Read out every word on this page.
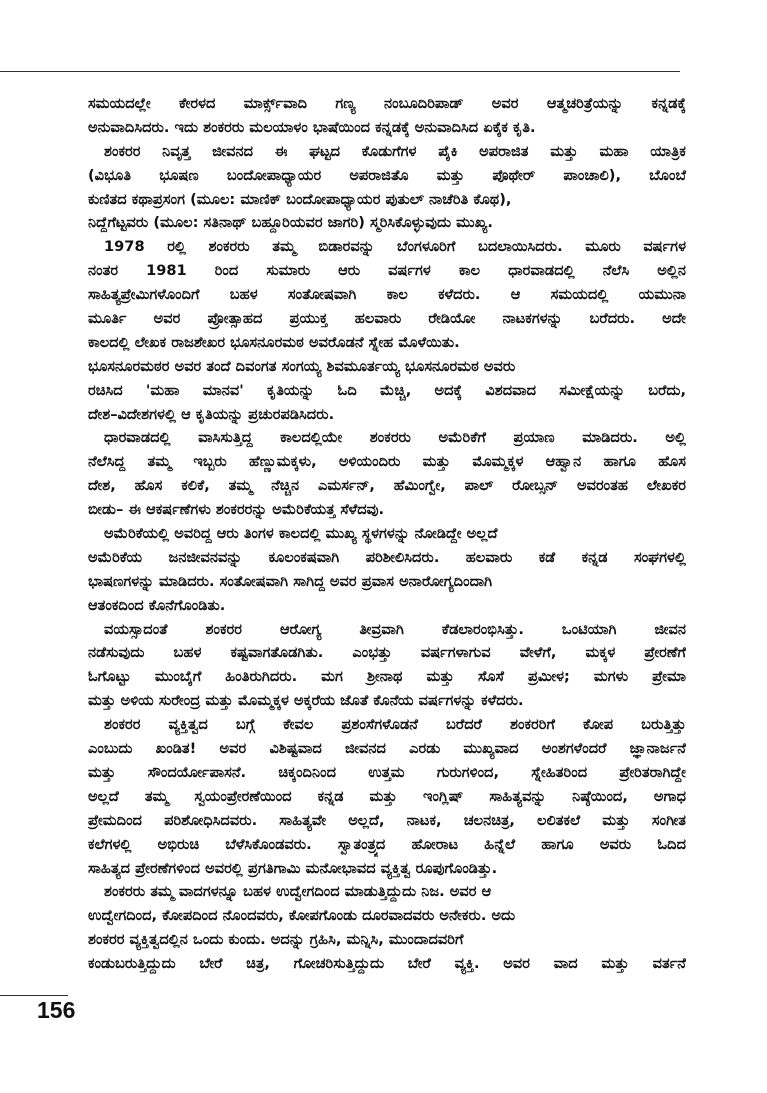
ಸಮಯದಲ್ಲೇ ಕೇರಳದ ಮಾರ್ಕ್ಸ್‌ವಾದಿ ಗಣ್ಯ ನಂಬೂದಿರಿಪಾಡ್ ಅವರ ಆತ್ಮಚರಿತ್ರೆಯನ್ನು ಕನ್ನಡಕ್ಕೆ
ಅನುವಾದಿಸಿದರು. ಇದು ಶಂಕರರು ಮಲಯಾಳಂ ಭಾಷೆಯಿಂದ ಕನ್ನಡಕ್ಕೆ ಅನುವಾದಿಸಿದ ಏಕೈಕ ಕೃತಿ.
ಶಂಕರರ ನಿವೃತ್ತ ಜೀವನದ ಈ ಘಟ್ಟದ ಕೊಡುಗೆಗಳ ಪೈಕಿ ಅಪರಾಜಿತ ಮತ್ತು ಮಹಾ ಯಾತ್ರಿಕ
(ವಿಭೂತಿ ಭೂಷಣ ಬಂದೋಪಾಧ್ಯಾಯರ ಅಪರಾಜಿತೊ ಮತ್ತು ಪೊಥೇರ್ ಪಾಂಚಾಲಿ), ಬೊಂಬೆ
ಕುಣಿತದ ಕಥಾಪ್ರಸಂಗ (ಮೂಲ: ಮಾಣಿಕ್ ಬಂದೋಪಾಧ್ಯಾಯರ ಪುತುಲ್ ನಾಚೆರಿತಿ ಕೊಥ),
ನಿದ್ದೆಗೆಟ್ಟವರು (ಮೂಲ: ಸತಿನಾಥ್ ಬಹ್ದೂರಿಯವರ ಜಾಗರಿ) ಸ್ಮರಿಸಿಕೊಳ್ಳುವುದು ಮುಖ್ಯ.
1978 ರಲ್ಲಿ ಶಂಕರರು ತಮ್ಮ ಬಿಡಾರವನ್ನು ಬೆಂಗಳೂರಿಗೆ ಬದಲಾಯಿಸಿದರು. ಮೂರು ವರ್ಷಗಳ
ನಂತರ 1981 ರಿಂದ ಸುಮಾರು ಆರು ವರ್ಷಗಳ ಕಾಲ ಧಾರವಾಡದಲ್ಲಿ ನೆಲೆಸಿ ಅಲ್ಲಿನ
ಸಾಹಿತ್ಯಪ್ರೇಮಿಗಳೊಂದಿಗೆ ಬಹಳ ಸಂತೋಷವಾಗಿ ಕಾಲ ಕಳೆದರು. ಆ ಸಮಯದಲ್ಲಿ ಯಮುನಾ
ಮೂರ್ತಿ ಅವರ ಪ್ರೋತ್ಸಾಹದ ಪ್ರಯುಕ್ತ ಹಲವಾರು ರೇಡಿಯೋ ನಾಟಕಗಳನ್ನು ಬರೆದರು. ಅದೇ
ಕಾಲದಲ್ಲಿ ಲೇಖಕ ರಾಜಶೇಖರ ಭೂಸನೂರಮಠ ಅವರೊಡನೆ ಸ್ನೇಹ ಮೊಳೆಯಿತು.
ಭೂಸನೂರಮಠರ ಅವರ ತಂದೆ ದಿವಂಗತ ಸಂಗಯ್ಯ ಶಿವಮೂರ್ತಯ್ಯ ಭೂಸನೂರಮಠ ಅವರು
ರಚಿಸಿದ 'ಮಹಾ ಮಾನವ' ಕೃತಿಯನ್ನು ಓದಿ ಮೆಚ್ಚಿ, ಅದಕ್ಕೆ ವಿಶದವಾದ ಸಮೀಕ್ಷೆಯನ್ನು ಬರೆದು,
ದೇಶ–ವಿದೇಶಗಳಲ್ಲಿ ಆ ಕೃತಿಯನ್ನು ಪ್ರಚುರಪಡಿಸಿದರು.
ಧಾರವಾಡದಲ್ಲಿ ವಾಸಿಸುತ್ತಿದ್ದ ಕಾಲದಲ್ಲಿಯೇ ಶಂಕರರು ಅಮೆರಿಕೆಗೆ ಪ್ರಯಾಣ ಮಾಡಿದರು. ಅಲ್ಲಿ
ನೆಲೆಸಿದ್ದ ತಮ್ಮ ಇಬ್ಬರು ಹೆಣ್ಣುಮಕ್ಕಳು, ಅಳಿಯಂದಿರು ಮತ್ತು ಮೊಮ್ಮಕ್ಕಳ ಆಹ್ವಾನ ಹಾಗೂ ಹೊಸ
ದೇಶ, ಹೊಸ ಕಲಿಕೆ, ತಮ್ಮ ನೆಚ್ಚಿನ ಎಮರ್ಸನ್, ಹೆಮಿಂಗ್ವೇ, ಪಾಲ್ ರೋಬ್ಸನ್ ಅವರಂತಹ ಲೇಖಕರ
ಬೀಡು– ಈ ಆಕರ್ಷಣೆಗಳು ಶಂಕರರನ್ನು ಅಮೆರಿಕೆಯತ್ತ ಸೆಳೆದವು.
ಅಮೆರಿಕೆಯಲ್ಲಿ ಅವರಿದ್ದ ಆರು ತಿಂಗಳ ಕಾಲದಲ್ಲಿ ಮುಖ್ಯ ಸ್ಥಳಗಳನ್ನು ನೋಡಿದ್ದೇ ಅಲ್ಲದೆ
ಅಮೆರಿಕೆಯ ಜನಜೀವನವನ್ನು ಕೂಲಂಕಷವಾಗಿ ಪರಿಶೀಲಿಸಿದರು. ಹಲವಾರು ಕಡೆ ಕನ್ನಡ ಸಂಘಗಳಲ್ಲಿ
ಭಾಷಣಗಳನ್ನು ಮಾಡಿದರು. ಸಂತೋಷವಾಗಿ ಸಾಗಿದ್ದ ಅವರ ಪ್ರವಾಸ ಅನಾರೋಗ್ಯದಿಂದಾಗಿ
ಆತಂಕದಿಂದ ಕೊನೆಗೊಂಡಿತು.
ವಯಸ್ಸಾದಂತೆ ಶಂಕರರ ಆರೋಗ್ಯ ತೀವ್ರವಾಗಿ ಕೆಡಲಾರಂಭಿಸಿತ್ತು. ಒಂಟಿಯಾಗಿ ಜೀವನ
ನಡೆಸುವುದು ಬಹಳ ಕಷ್ಟವಾಗತೊಡಗಿತು. ಎಂಭತ್ತು ವರ್ಷಗಳಾಗುವ ವೇಳೆಗೆ, ಮಕ್ಕಳ ಪ್ರೇರಣೆಗೆ
ಓಗೊಟ್ಟು ಮುಂಬೈಗೆ ಹಿಂತಿರುಗಿದರು. ಮಗ ಶ್ರೀನಾಥ ಮತ್ತು ಸೊಸೆ ಪ್ರಮೀಳ; ಮಗಳು ಪ್ರೇಮಾ
ಮತ್ತು ಅಳಿಯ ಸುರೇಂದ್ರ ಮತ್ತು ಮೊಮ್ಮಕ್ಕಳ ಅಕ್ಕರೆಯ ಜೊತೆ ಕೊನೆಯ ವರ್ಷಗಳನ್ನು ಕಳೆದರು.
ಶಂಕರರ ವ್ಯಕ್ತಿತ್ವದ ಬಗ್ಗೆ ಕೇವಲ ಪ್ರಶಂಸೆಗಳೊಡನೆ ಬರೆದರೆ ಶಂಕರರಿಗೆ ಕೋಪ ಬರುತ್ತಿತ್ತು
ಎಂಬುದು ಖಂಡಿತ! ಅವರ ವಿಶಿಷ್ಟವಾದ ಜೀವನದ ಎರಡು ಮುಖ್ಯವಾದ ಅಂಶಗಳೆಂದರೆ ಜ್ಞಾನಾರ್ಜನೆ
ಮತ್ತು ಸೌಂದರ್ಯೋಪಾಸನೆ. ಚಿಕ್ಕಂದಿನಿಂದ ಉತ್ತಮ ಗುರುಗಳಿಂದ, ಸ್ನೇಹಿತರಿಂದ ಪ್ರೇರಿತರಾಗಿದ್ದೇ
ಅಲ್ಲದೆ ತಮ್ಮ ಸ್ವಯಂಪ್ರೇರಣೆಯಿಂದ ಕನ್ನಡ ಮತ್ತು ಇಂಗ್ಲಿಷ್ ಸಾಹಿತ್ಯವನ್ನು ನಿಷ್ಠೆಯಿಂದ, ಅಗಾಧ
ಪ್ರೇಮದಿಂದ ಪರಿಶೋಧಿಸಿದವರು. ಸಾಹಿತ್ಯವೇ ಅಲ್ಲದೆ, ನಾಟಕ, ಚಲನಚಿತ್ರ, ಲಲಿತಕಲೆ ಮತ್ತು ಸಂಗೀತ
ಕಲೆಗಳಲ್ಲಿ ಅಭಿರುಚಿ ಬೆಳೆಸಿಕೊಂಡವರು. ಸ್ವಾತಂತ್ರ್ಯದ ಹೋರಾಟ ಹಿನ್ನೆಲೆ ಹಾಗೂ ಅವರು ಓದಿದ
ಸಾಹಿತ್ಯದ ಪ್ರೇರಣೆಗಳಿಂದ ಅವರಲ್ಲಿ ಪ್ರಗತಿಗಾಮಿ ಮನೋಭಾವದ ವ್ಯಕ್ತಿತ್ವ ರೂಪುಗೊಂಡಿತ್ತು.
ಶಂಕರರು ತಮ್ಮ ವಾದಗಳನ್ನೂ ಬಹಳ ಉದ್ವೇಗದಿಂದ ಮಾಡುತ್ತಿದ್ದುದು ನಿಜ. ಅವರ ಆ
ಉದ್ವೇಗದಿಂದ, ಕೋಪದಿಂದ ನೊಂದವರು, ಕೋಪಗೊಂಡು ದೂರವಾದವರು ಅನೇಕರು. ಅದು
ಶಂಕರರ ವ್ಯಕ್ತಿತ್ವದಲ್ಲಿನ ಒಂದು ಕುಂದು. ಅದನ್ನು ಗ್ರಹಿಸಿ, ಮನ್ನಿಸಿ, ಮುಂದಾದವರಿಗೆ
ಕಂಡುಬರುತ್ತಿದ್ದುದು ಬೇರೆ ಚಿತ್ರ, ಗೋಚರಿಸುತ್ತಿದ್ದುದು ಬೇರೆ ವ್ಯಕ್ತಿ. ಅವರ ವಾದ ಮತ್ತು ವರ್ತನೆ
156
